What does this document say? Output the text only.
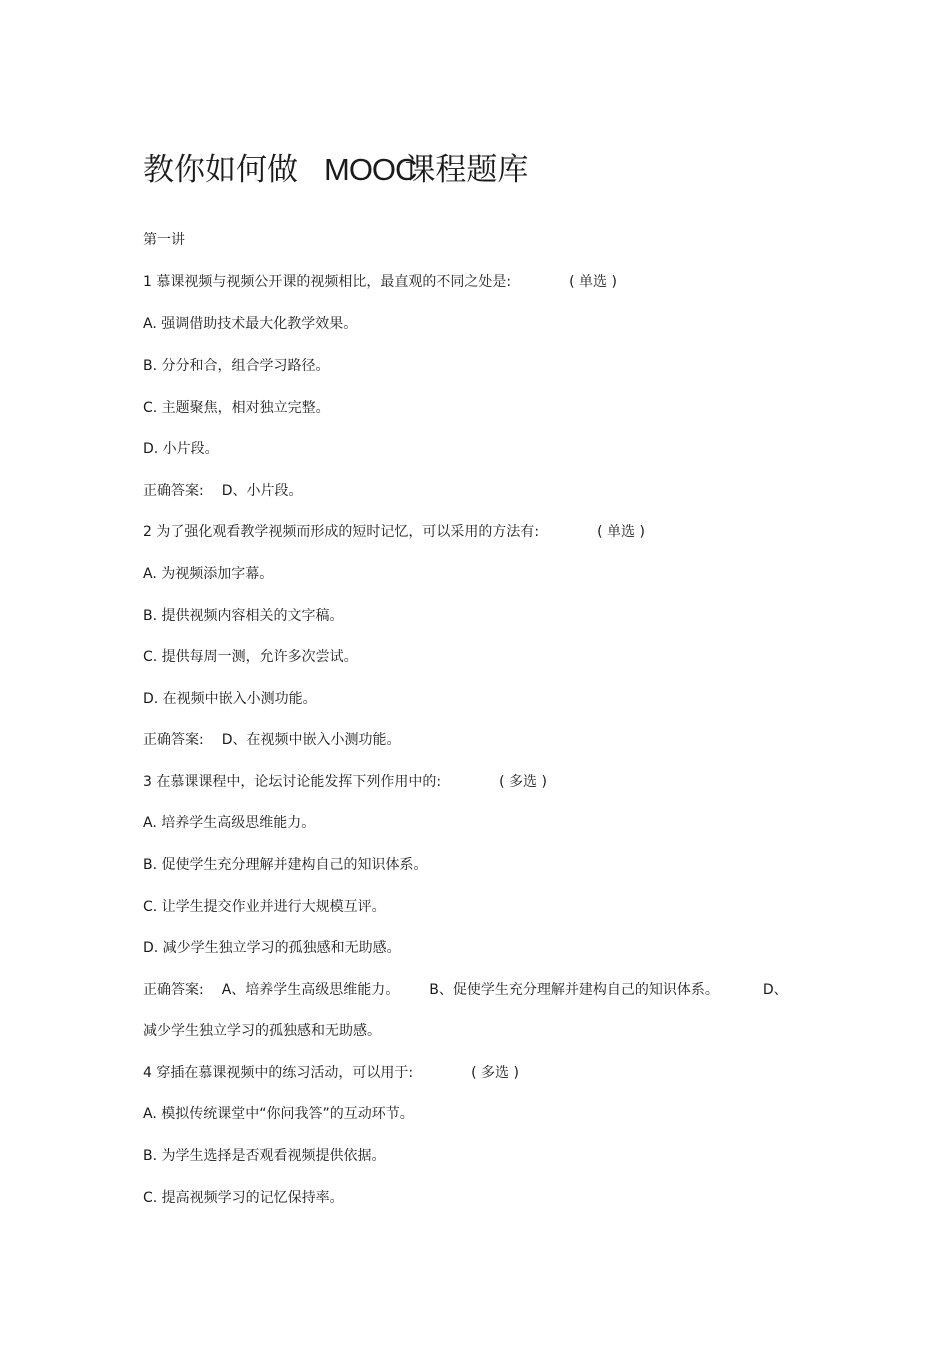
教你如何做 MOOC课程题库
第一讲
1 慕课视频与视频公开课的视频相比，最直观的不同之处是:	( 单选 )
A. 强调借助技术最大化教学效果。
B. 分分和合，组合学习路径。
C. 主题聚焦，相对独立完整。
D. 小片段。
正确答案: D、小片段。
2 为了强化观看教学视频而形成的短时记忆，可以采用的方法有:	( 单选 )
A. 为视频添加字幕。
B. 提供视频内容相关的文字稿。
C. 提供每周一测，允许多次尝试。
D. 在视频中嵌入小测功能。
正确答案: D、在视频中嵌入小测功能。
3 在慕课课程中，论坛讨论能发挥下列作用中的:	( 多选 )
A. 培养学生高级思维能力。
B. 促使学生充分理解并建构自己的知识体系。
C. 让学生提交作业并进行大规模互评。
D. 减少学生独立学习的孤独感和无助感。
正确答案: A、培养学生高级思维能力。 B、促使学生充分理解并建构自己的知识体系。	D、
减少学生独立学习的孤独感和无助感。
4 穿插在慕课视频中的练习活动，可以用于:	( 多选 )
A. 模拟传统课堂中“你问我答”的互动环节。
B. 为学生选择是否观看视频提供依据。
C. 提高视频学习的记忆保持率。
